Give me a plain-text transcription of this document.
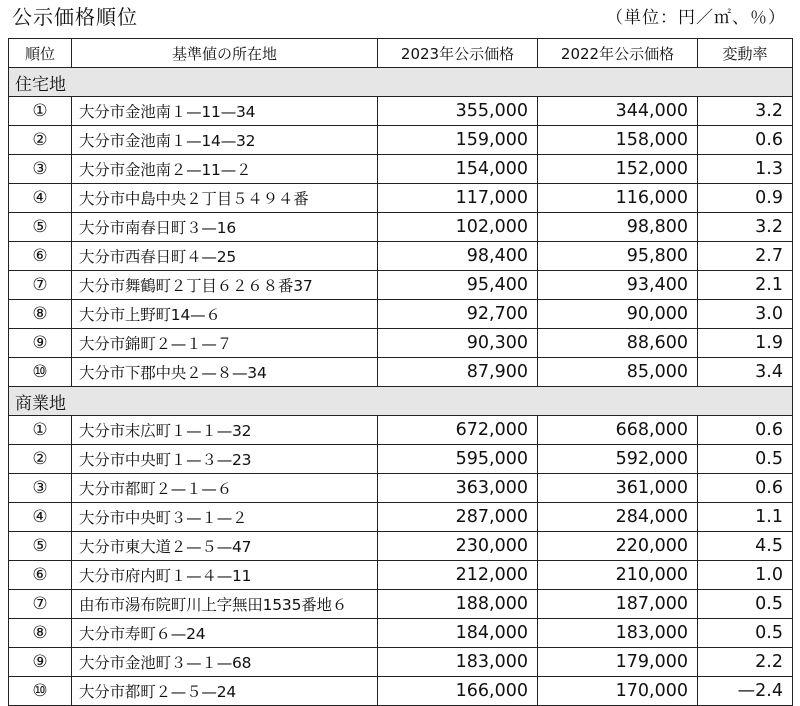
公示価格順位	（単位：円／㎡、％）
順位	基準値の所在地	2023年公示価格	2022年公示価格	変動率
住宅地				
①	大分市金池南１—11—34	355,000	344,000	3.2
②	大分市金池南１—14—32	159,000	158,000	0.6
③	大分市金池南２—11—２	154,000	152,000	1.3
④	大分市中島中央２丁目５４９４番	117,000	116,000	0.9
⑤	大分市南春日町３—16	102,000	98,800	3.2
⑥	大分市西春日町４—25	98,400	95,800	2.7
⑦	大分市舞鶴町２丁目６２６８番37	95,400	93,400	2.1
⑧	大分市上野町14—６	92,700	90,000	3.0
⑨	大分市錦町２—１—７	90,300	88,600	1.9
⑩	大分市下郡中央２—８—34	87,900	85,000	3.4
商業地				
①	大分市末広町１—１—32	672,000	668,000	0.6
②	大分市中央町１—３—23	595,000	592,000	0.5
③	大分市都町２—１—６	363,000	361,000	0.6
④	大分市中央町３—１—２	287,000	284,000	1.1
⑤	大分市東大道２—５—47	230,000	220,000	4.5
⑥	大分市府内町１—４—11	212,000	210,000	1.0
⑦	由布市湯布院町川上字無田1535番地６	188,000	187,000	0.5
⑧	大分市寿町６—24	184,000	183,000	0.5
⑨	大分市金池町３—１—68	183,000	179,000	2.2
⑩	大分市都町２—５—24	166,000	170,000	—2.4
